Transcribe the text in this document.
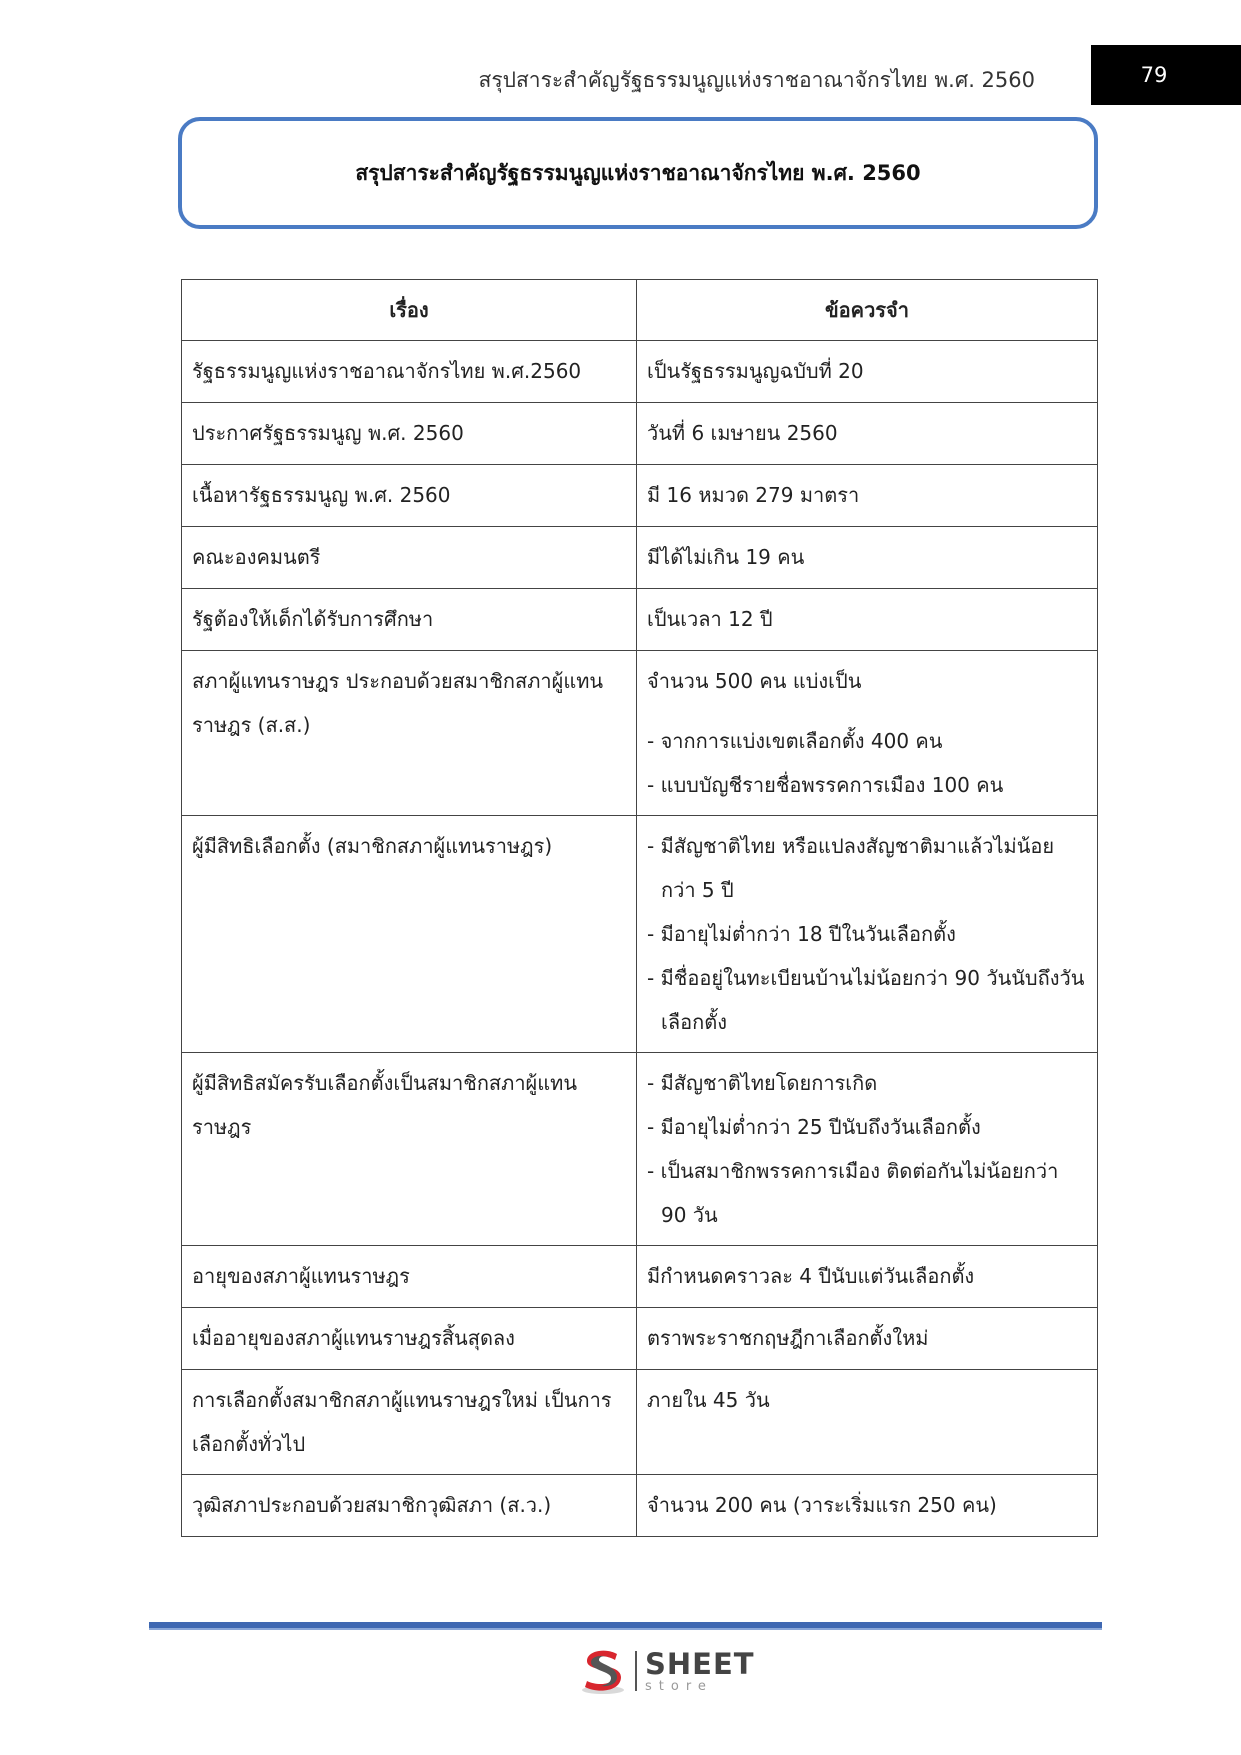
สรุปสาระสำคัญรัฐธรรมนูญแห่งราชอาณาจักรไทย พ.ศ. 2560	79
สรุปสาระสำคัญรัฐธรรมนูญแห่งราชอาณาจักรไทย พ.ศ. 2560
เรื่อง	ข้อควรจำ
รัฐธรรมนูญแห่งราชอาณาจักรไทย พ.ศ.2560	เป็นรัฐธรรมนูญฉบับที่ 20
ประกาศรัฐธรรมนูญ พ.ศ. 2560	วันที่ 6 เมษายน 2560
เนื้อหารัฐธรรมนูญ พ.ศ. 2560	มี 16 หมวด 279 มาตรา
คณะองคมนตรี	มีได้ไม่เกิน 19 คน
รัฐต้องให้เด็กได้รับการศึกษา	เป็นเวลา 12 ปี
สภาผู้แทนราษฎร ประกอบด้วยสมาชิกสภาผู้แทนราษฎร (ส.ส.)	จำนวน 500 คน แบ่งเป็น
- จากการแบ่งเขตเลือกตั้ง 400 คน
- แบบบัญชีรายชื่อพรรคการเมือง 100 คน

ผู้มีสิทธิเลือกตั้ง (สมาชิกสภาผู้แทนราษฎร)	- มีสัญชาติไทย หรือแปลงสัญชาติมาแล้วไม่น้อยกว่า 5 ปี
- มีอายุไม่ต่ำกว่า 18 ปีในวันเลือกตั้ง
- มีชื่ออยู่ในทะเบียนบ้านไม่น้อยกว่า 90 วันนับถึงวันเลือกตั้ง

ผู้มีสิทธิสมัครรับเลือกตั้งเป็นสมาชิกสภาผู้แทนราษฎร	- มีสัญชาติไทยโดยการเกิด
- มีอายุไม่ต่ำกว่า 25 ปีนับถึงวันเลือกตั้ง
- เป็นสมาชิกพรรคการเมือง ติดต่อกันไม่น้อยกว่า 90 วัน

อายุของสภาผู้แทนราษฎร	มีกำหนดคราวละ 4 ปีนับแต่วันเลือกตั้ง
เมื่ออายุของสภาผู้แทนราษฎรสิ้นสุดลง	ตราพระราชกฤษฎีกาเลือกตั้งใหม่
การเลือกตั้งสมาชิกสภาผู้แทนราษฎรใหม่ เป็นการเลือกตั้งทั่วไป	ภายใน 45 วัน
วุฒิสภาประกอบด้วยสมาชิกวุฒิสภา (ส.ว.)	จำนวน 200 คน (วาระเริ่มแรก 250 คน)
SHEET
store
